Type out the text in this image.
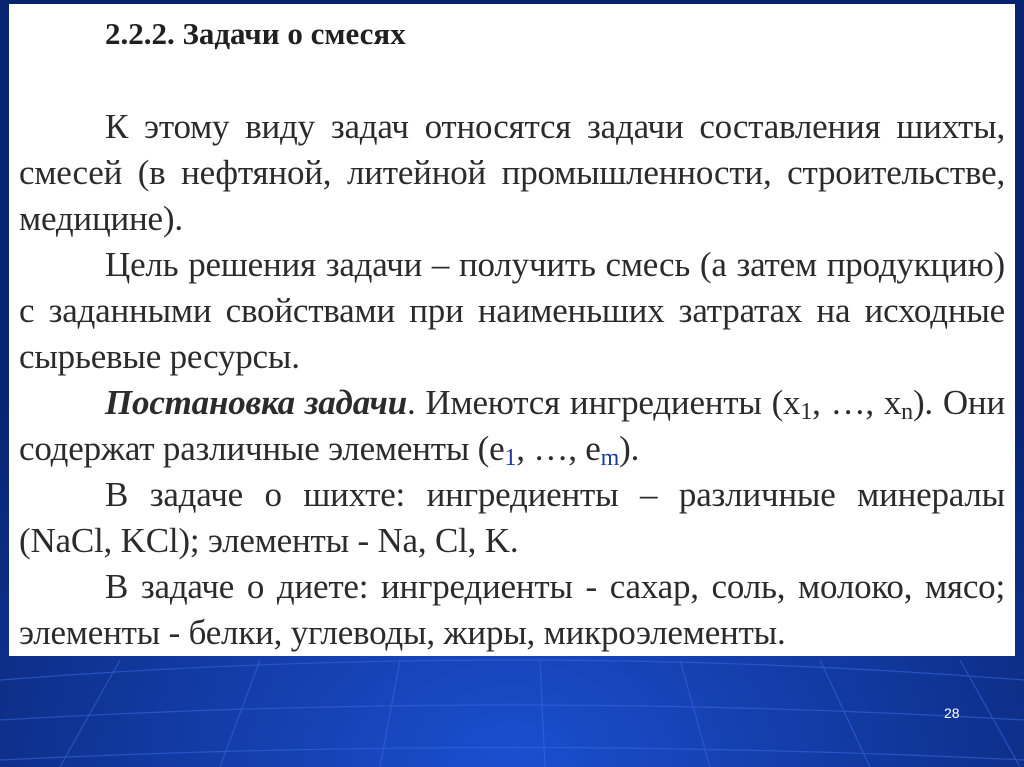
2.2.2. Задачи о смесях

К этому виду задач относятся задачи составления шихты, смесей (в нефтяной, литейной промышленности, строительстве, медицине).

Цель решения задачи – получить смесь (а затем продукцию) с заданными свойствами при наименьших затратах на исходные сырьевые ресурсы.

Постановка задачи. Имеются ингредиенты ($x_1$, …, $x_n$). Они содержат различные элементы ($e_1$, …, $e_m$).

В задаче о шихте: ингредиенты – различные минералы (NaCl, KCl); элементы - Na, Cl, K.

В задаче о диете: ингредиенты - сахар, соль, молоко, мясо; элементы - белки, углеводы, жиры, микроэлементы.

28
